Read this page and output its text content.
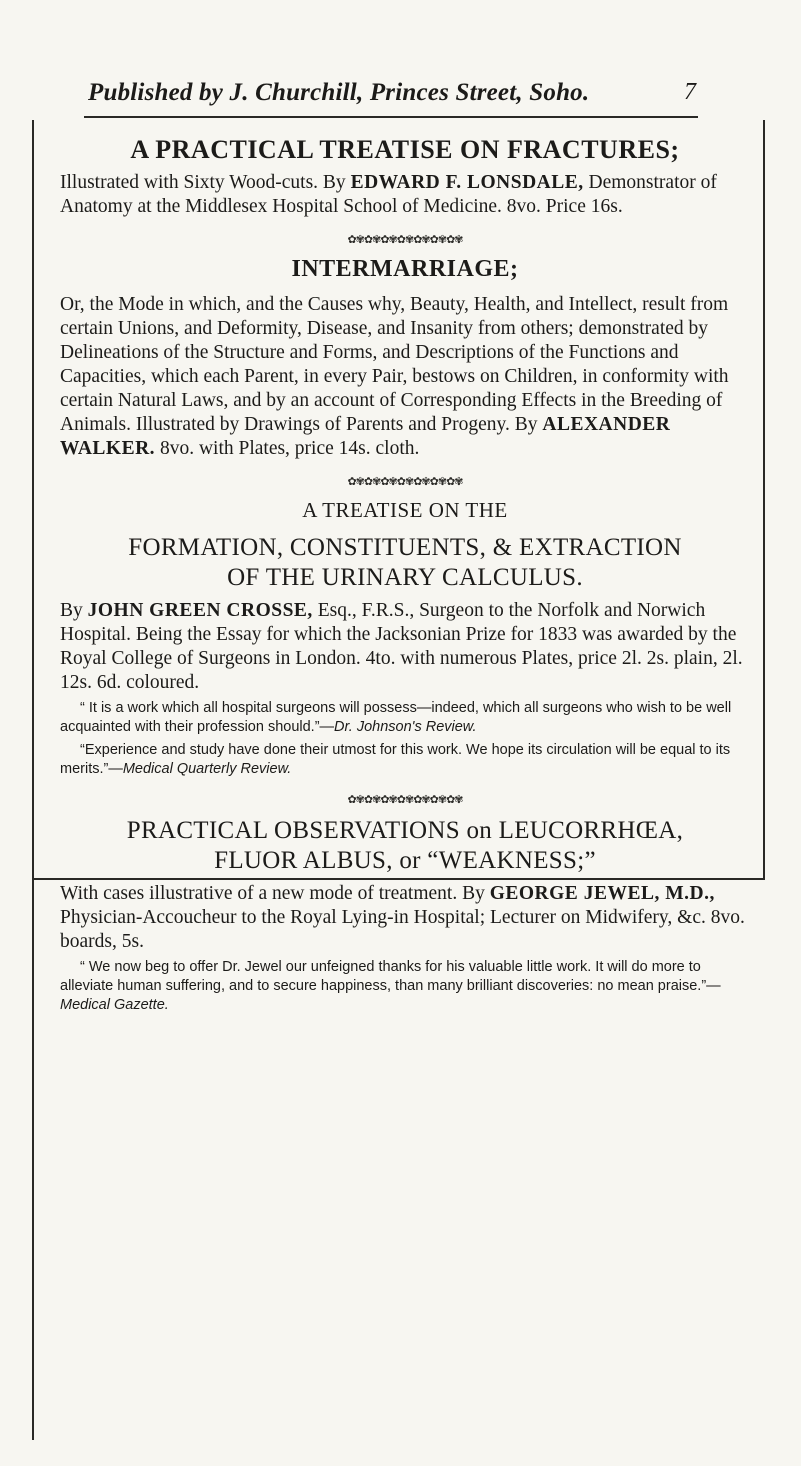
Published by J. Churchill, Princes Street, Soho.	7
A PRACTICAL TREATISE ON FRACTURES;

Illustrated with Sixty Wood-cuts. By EDWARD F. LONSDALE, Demonstrator of Anatomy at the Middlesex Hospital School of Medicine. 8vo. Price 16s.

✿✾✿✾✿✾✿✾✿✾✿✾✿✾
INTERMARRIAGE;

Or, the Mode in which, and the Causes why, Beauty, Health, and Intellect, result from certain Unions, and Deformity, Disease, and Insanity from others; demonstrated by Delineations of the Structure and Forms, and Descriptions of the Functions and Capacities, which each Parent, in every Pair, bestows on Children, in conformity with certain Natural Laws, and by an account of Corresponding Effects in the Breeding of Animals. Illustrated by Drawings of Parents and Progeny. By ALEXANDER WALKER. 8vo. with Plates, price 14s. cloth.

✿✾✿✾✿✾✿✾✿✾✿✾✿✾
A TREATISE ON THE
FORMATION, CONSTITUENTS, & EXTRACTION
OF THE URINARY CALCULUS.

By JOHN GREEN CROSSE, Esq., F.R.S., Surgeon to the Norfolk and Norwich Hospital. Being the Essay for which the Jacksonian Prize for 1833 was awarded by the Royal College of Surgeons in London. 4to. with numerous Plates, price 2l. 2s. plain, 2l. 12s. 6d. coloured.

“ It is a work which all hospital surgeons will possess—indeed, which all surgeons who wish to be well acquainted with their profession should.”—Dr. Johnson's Review.

“Experience and study have done their utmost for this work. We hope its circulation will be equal to its merits.”—Medical Quarterly Review.

✿✾✿✾✿✾✿✾✿✾✿✾✿✾
PRACTICAL OBSERVATIONS on LEUCORRHŒA,
FLUOR ALBUS, or “WEAKNESS;”

With cases illustrative of a new mode of treatment. By GEORGE JEWEL, M.D., Physician-Accoucheur to the Royal Lying-in Hospital; Lecturer on Midwifery, &c. 8vo. boards, 5s.

“ We now beg to offer Dr. Jewel our unfeigned thanks for his valuable little work. It will do more to alleviate human suffering, and to secure happiness, than many brilliant discoveries: no mean praise.”—Medical Gazette.
